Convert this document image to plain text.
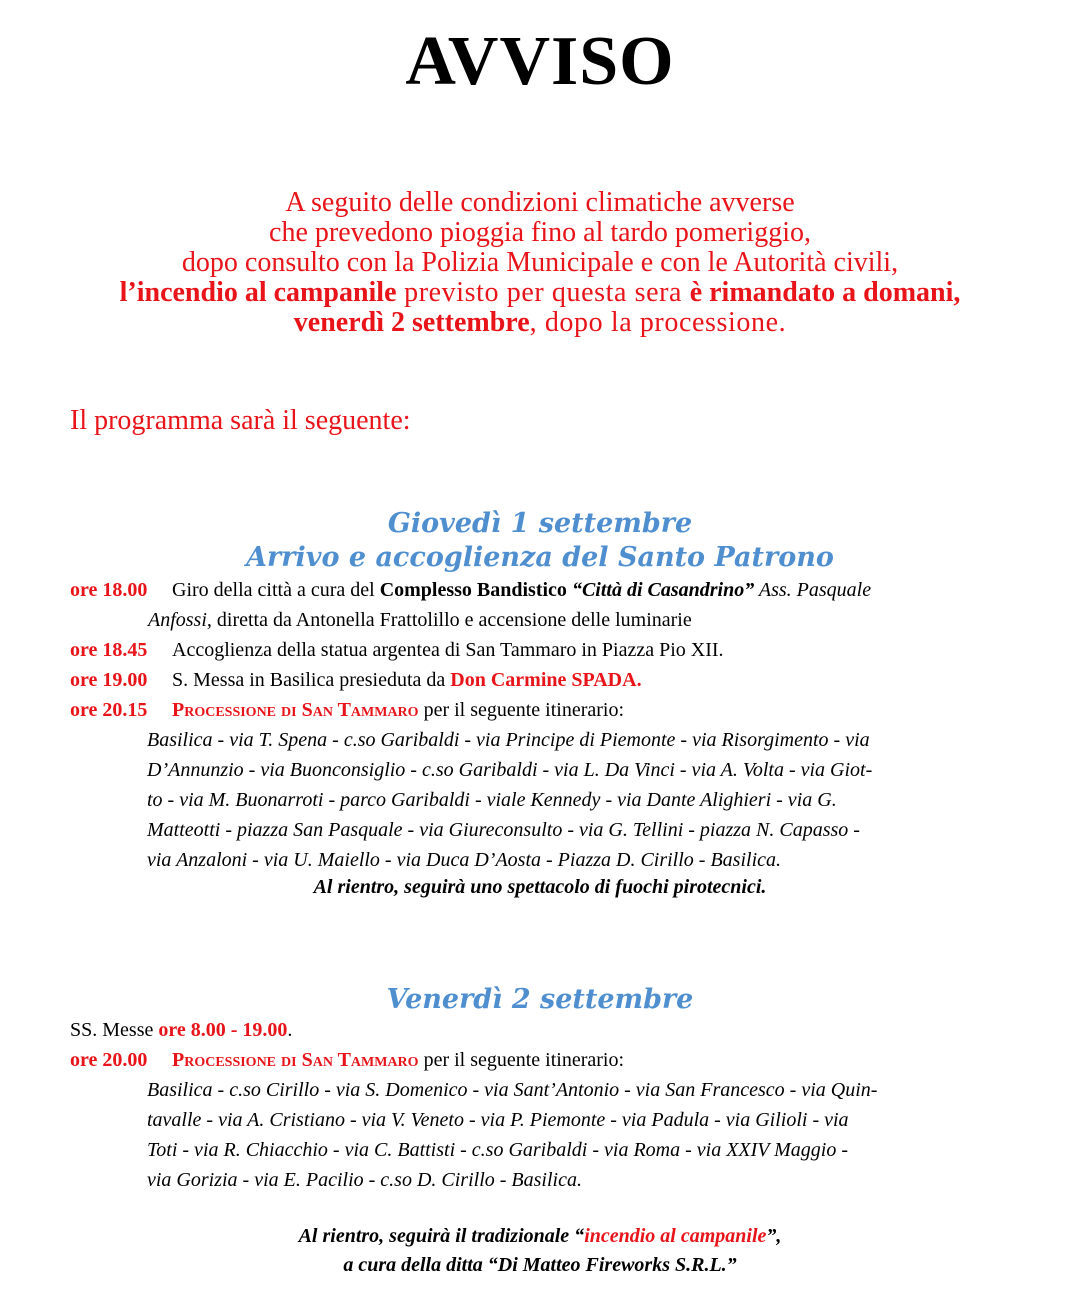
AVVISO
A seguito delle condizioni climatiche avverse
che prevedono pioggia fino al tardo pomeriggio,
dopo consulto con la Polizia Municipale e con le Autorità civili,
l’incendio al campanile previsto per questa sera è rimandato a domani,
venerdì 2 settembre, dopo la processione.
Il programma sarà il seguente:
Giovedì 1 settembre
Arrivo e accoglienza del Santo Patrono
ore 18.00 Giro della città a cura del Complesso Bandistico “Città di Casandrino” Ass. Pasquale
Anfossi, diretta da Antonella Frattolillo e accensione delle luminarie
ore 18.45 Accoglienza della statua argentea di San Tammaro in Piazza Pio XII.
ore 19.00 S. Messa in Basilica presieduta da Don Carmine SPADA.
ore 20.15 Processione di San Tammaro per il seguente itinerario:
Basilica - via T. Spena - c.so Garibaldi - via Principe di Piemonte - via Risorgimento - via
D’Annunzio - via Buonconsiglio - c.so Garibaldi - via L. Da Vinci - via A. Volta - via Giot-
to - via M. Buonarroti - parco Garibaldi - viale Kennedy - via Dante Alighieri - via G.
Matteotti - piazza San Pasquale - via Giureconsulto - via G. Tellini - piazza N. Capasso -
via Anzaloni - via U. Maiello - via Duca D’Aosta - Piazza D. Cirillo - Basilica.
Al rientro, seguirà uno spettacolo di fuochi pirotecnici.
Venerdì 2 settembre
SS. Messe ore 8.00 - 19.00.
ore 20.00 Processione di San Tammaro per il seguente itinerario:
Basilica - c.so Cirillo - via S. Domenico - via Sant’Antonio - via San Francesco - via Quin-
tavalle - via A. Cristiano - via V. Veneto - via P. Piemonte - via Padula - via Gilioli - via
Toti - via R. Chiacchio - via C. Battisti - c.so Garibaldi - via Roma - via XXIV Maggio -
via Gorizia - via E. Pacilio - c.so D. Cirillo - Basilica.
Al rientro, seguirà il tradizionale “incendio al campanile”,
a cura della ditta “Di Matteo Fireworks S.R.L.”
